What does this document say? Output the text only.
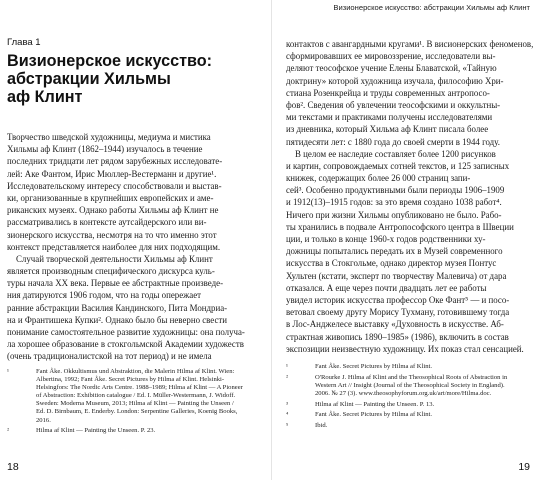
Глава 1
Визионерское искусство:
абстракции Хильмы
аф Клинт
Творчество шведской художницы, медиума и мистика
Хильмы аф Клинт (1862–1944) изучалось в течение
последних тридцати лет рядом зарубежных исследовате-
лей: Аке Фантом, Ирис Мюллер-Вестерманн и другие¹.
Исследовательскому интересу способствовали и выстав-
ки, организованные в крупнейших европейских и аме-
риканских музеях. Однако работы Хильмы аф Клинт не
рассматривались в контексте аутсайдерского или ви-
зионерского искусства, несмотря на то что именно этот
контекст представляется наиболее для них подходящим.
Случай творческой деятельности Хильмы аф Клинт
является производным специфического дискурса куль-
туры начала XX века. Первые ее абстрактные произведе-
ния датируются 1906 годом, что на годы опережает
ранние абстракции Василия Кандинского, Пита Мондриа-
на и Франтишека Купки². Однако было бы неверно свести
понимание самостоятельное развитие художницы: она получа-
ла хорошее образование в стокгольмской Академии художеств
(очень традиционалистской на тот период) и не имела
¹	Fant Åke. Okkultismus und Abstraktion, die Malerin Hilma af Klint. Wien:
Albertina, 1992; Fant Åke. Secret Pictures by Hilma af Klint. Helsinki-
Helsingfors: The Nordic Arts Centre. 1988–1989; Hilma af Klint — A Pioneer
of Abstraction: Exhibition catalogue / Ed. I. Müller-Westermann, J. Widoff.
Sweden: Moderna Museum, 2013; Hilma af Klint — Painting the Unseen /
Ed. D. Birnbaum, E. Enderby. London: Serpentine Galleries, Koenig Books,
2016.
²	Hilma af Klint — Painting the Unseen. P. 23.
18
Визионерское искусство: абстракции Хильмы аф Клинт
контактов с авангардными кругами¹. В висионерских феноменов,
сформировавших ее мировоззрение, исследователи вы-
деляют теософское учение Елены Блаватской, «Тайную
доктрину» которой художница изучала, философию Хри-
стиана Розенкрейца и труды современных антропосо-
фов². Сведения об увлечении теософскими и оккультны-
ми текстами и практиками получены исследователями
из дневника, который Хильма аф Клинт писала более
пятидесяти лет: с 1880 года до своей смерти в 1944 году.
В целом ее наследие составляет более 1200 рисунков
и картин, сопровождаемых сотней текстов, и 125 записных
книжек, содержащих более 26 000 страниц запи-
сей³. Особенно продуктивными были периоды 1906–1909
и 1912(13)–1915 годов: за это время создано 1038 работ⁴.
Ничего при жизни Хильмы опубликовано не было. Рабо-
ты хранились в подвале Антропософского центра в Швеции
ции, и только в конце 1960-х годов родственники ху-
дожницы попытались передать их в Музей современного
искусства в Стокгольме, однако директор музея Понтус
Хультен (кстати, эксперт по творчеству Малевича) от дара
отказался. А еще через почти двадцать лет ее работы
увидел историк искусства профессор Оке Фант⁵ — и посо-
ветовал своему другу Морису Тухману, готовившему тогда
в Лос-Анджелесе выставку «Духовность в искусстве. Аб-
страктная живопись 1890–1985» (1986), включить в состав
экспозиции неизвестную художницу. Их показ стал сенсацией.
¹	Fant Åke. Secret Pictures by Hilma af Klint.
²	O'Rourke J. Hilma af Klint and the Theosophical Roots of Abstraction in
Western Art // Insight (Journal of the Theosophical Society in England).
2006. № 27 (3). www.theosophyforum.org.uk/art/more/Hilma.doc.
³	Hilma af Klint — Painting the Unseen. P. 13.
⁴	Fant Åke. Secret Pictures by Hilma af Klint.
⁵	Ibid.
19
